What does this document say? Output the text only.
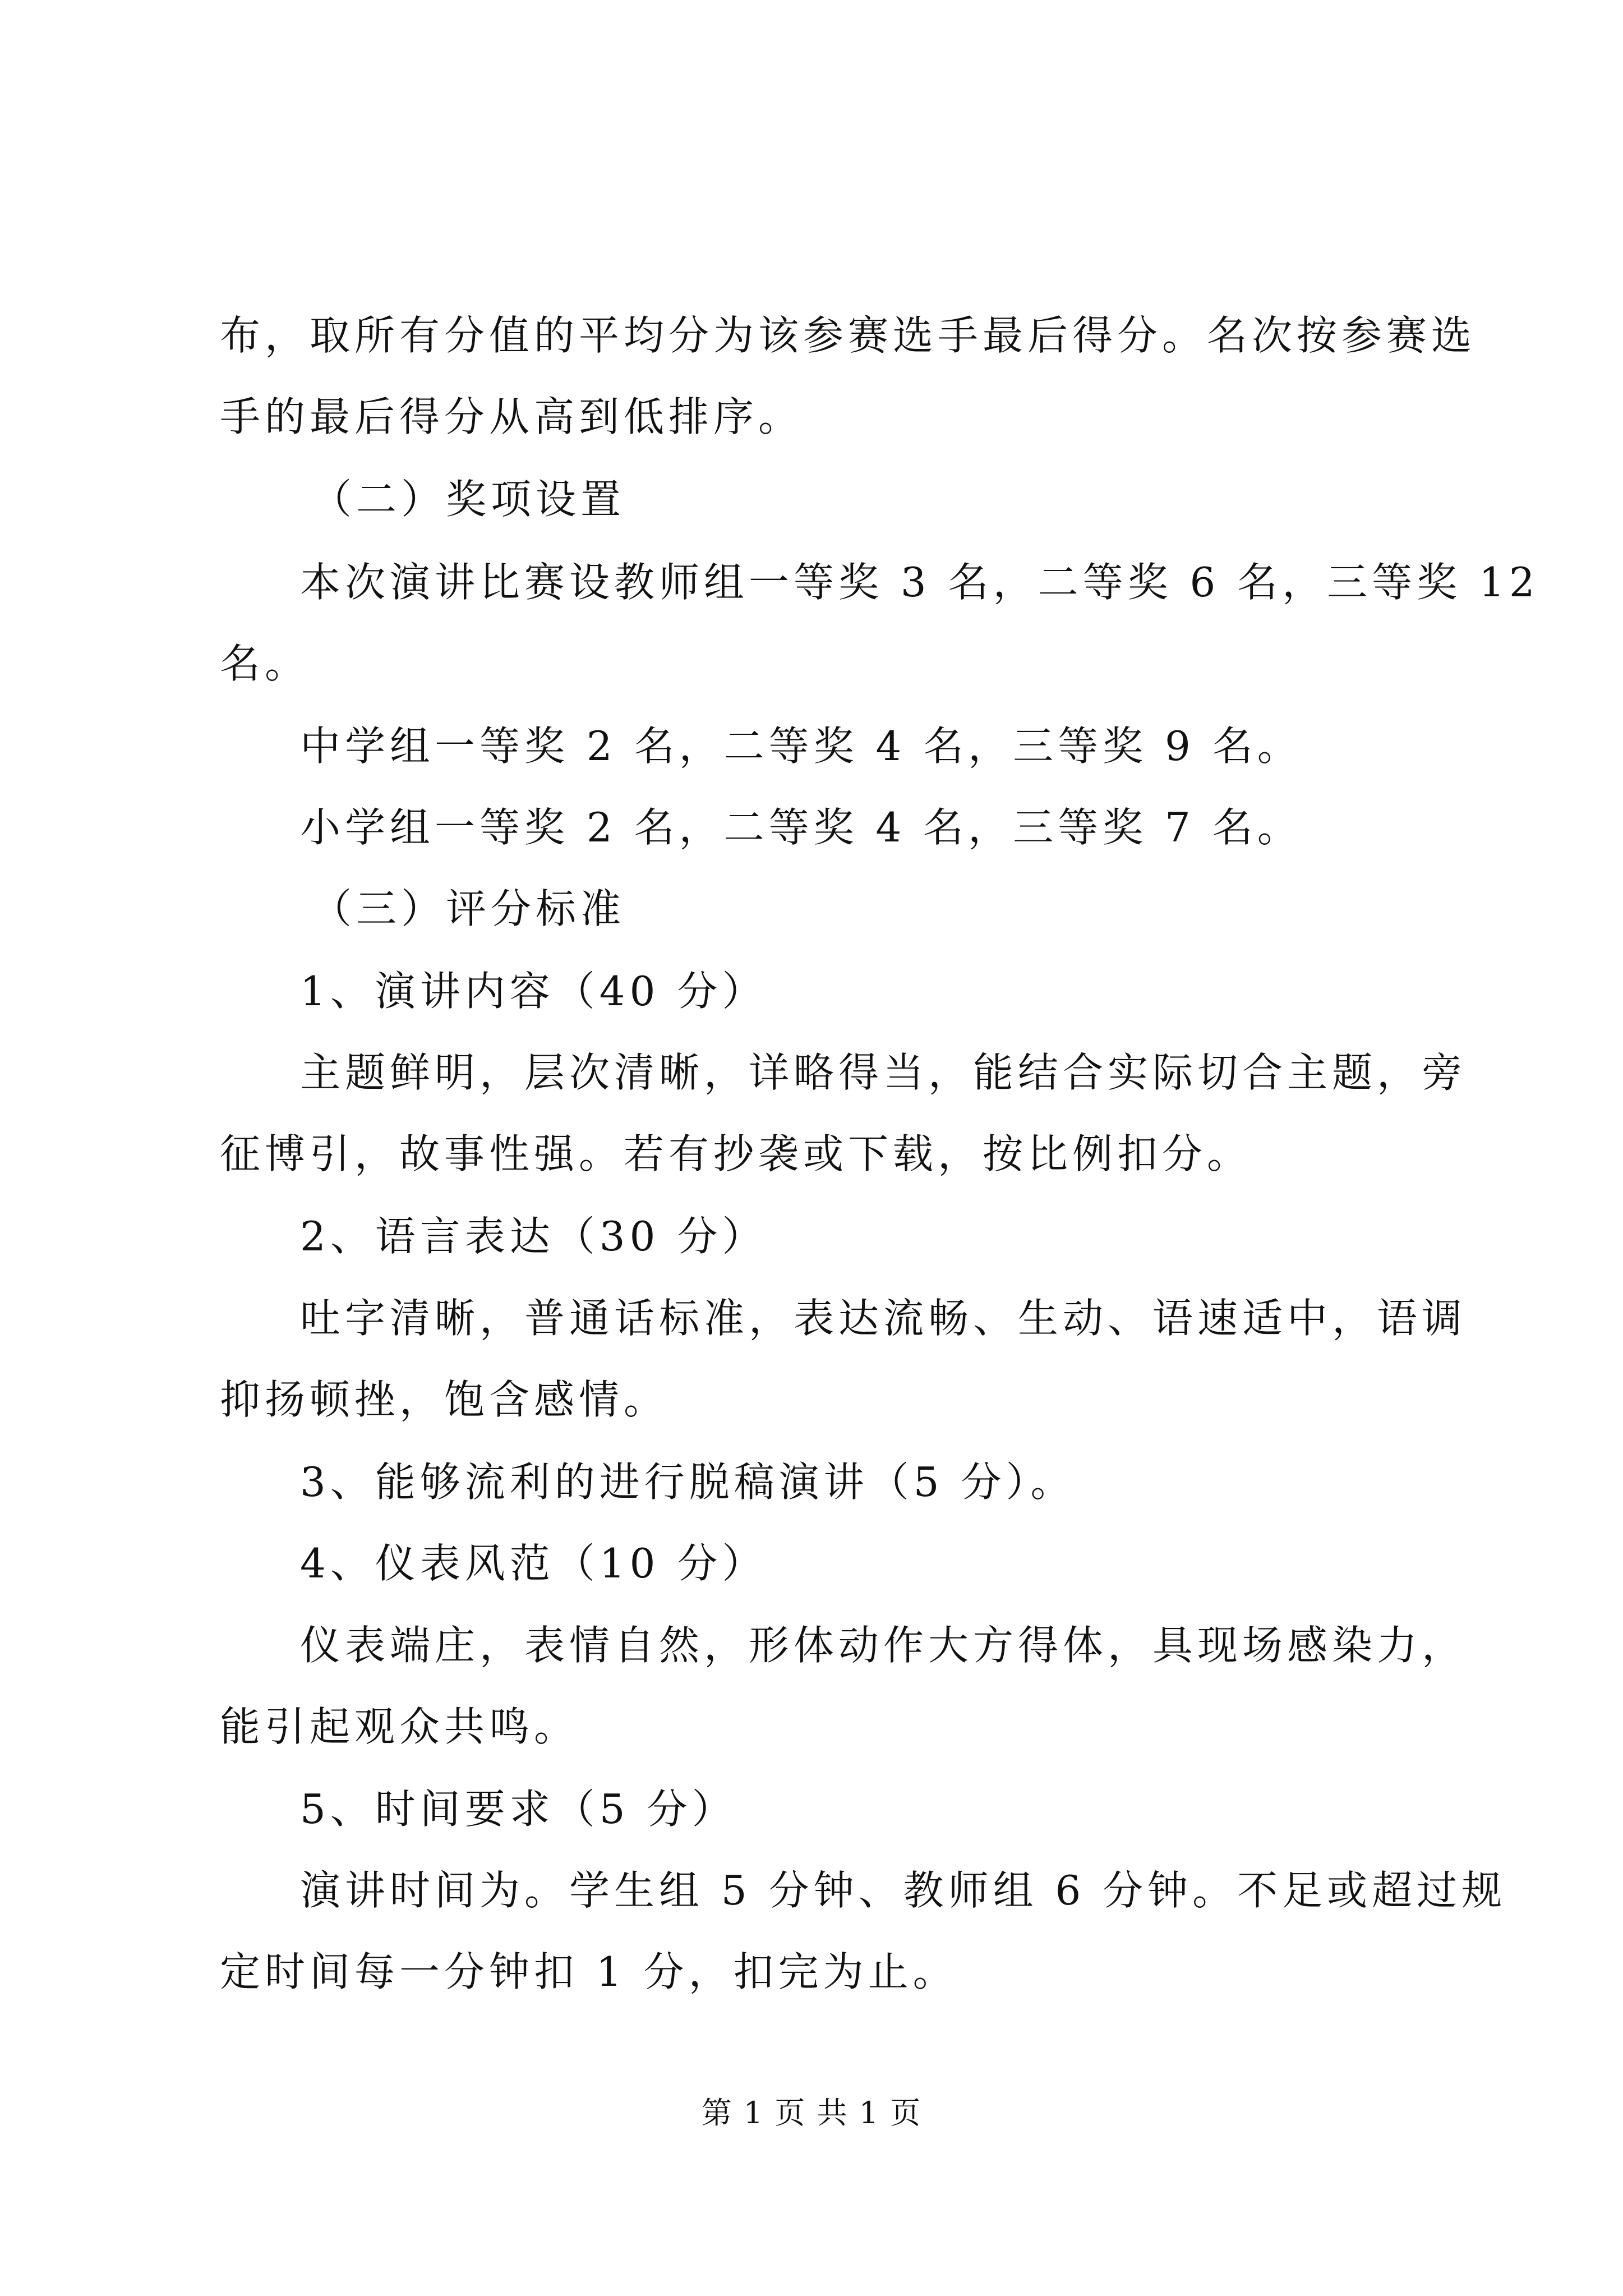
布，取所有分值的平均分为该参赛选手最后得分。名次按参赛选
手的最后得分从高到低排序。
（二）奖项设置
本次演讲比赛设教师组一等奖 3 名，二等奖 6 名，三等奖 12
名。
中学组一等奖 2 名，二等奖 4 名，三等奖 9 名。
小学组一等奖 2 名，二等奖 4 名，三等奖 7 名。
（三）评分标准
1、演讲内容（40 分）
主题鲜明，层次清晰，详略得当，能结合实际切合主题，旁
征博引，故事性强。若有抄袭或下载，按比例扣分。
2、语言表达（30 分）
吐字清晰，普通话标准，表达流畅、生动、语速适中，语调
抑扬顿挫，饱含感情。
3、能够流利的进行脱稿演讲（5 分）。
4、仪表风范（10 分）
仪表端庄，表情自然，形体动作大方得体，具现场感染力，
能引起观众共鸣。
5、时间要求（5 分）
演讲时间为。学生组 5 分钟、教师组 6 分钟。不足或超过规
定时间每一分钟扣 1 分，扣完为止。
第 1 页 共 1 页
